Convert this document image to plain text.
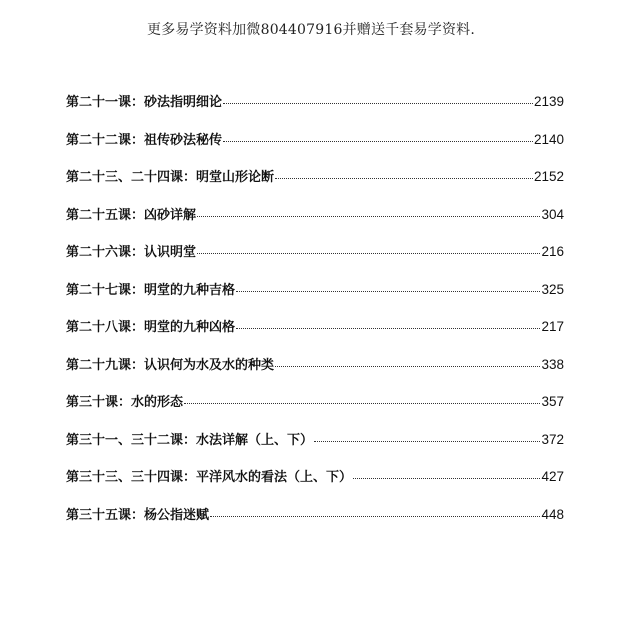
更多易学资料加微804407916并赠送千套易学资料.
第二十一课：砂法指明细论	2139
第二十二课：祖传砂法秘传	2140
第二十三、二十四课：明堂山形论断	2152
第二十五课：凶砂详解	304
第二十六课：认识明堂	216
第二十七课：明堂的九种吉格	325
第二十八课：明堂的九种凶格	217
第二十九课：认识何为水及水的种类	338
第三十课：水的形态	357
第三十一、三十二课：水法详解（上、下）	372
第三十三、三十四课：平洋风水的看法（上、下）	427
第三十五课：杨公指迷赋	448
